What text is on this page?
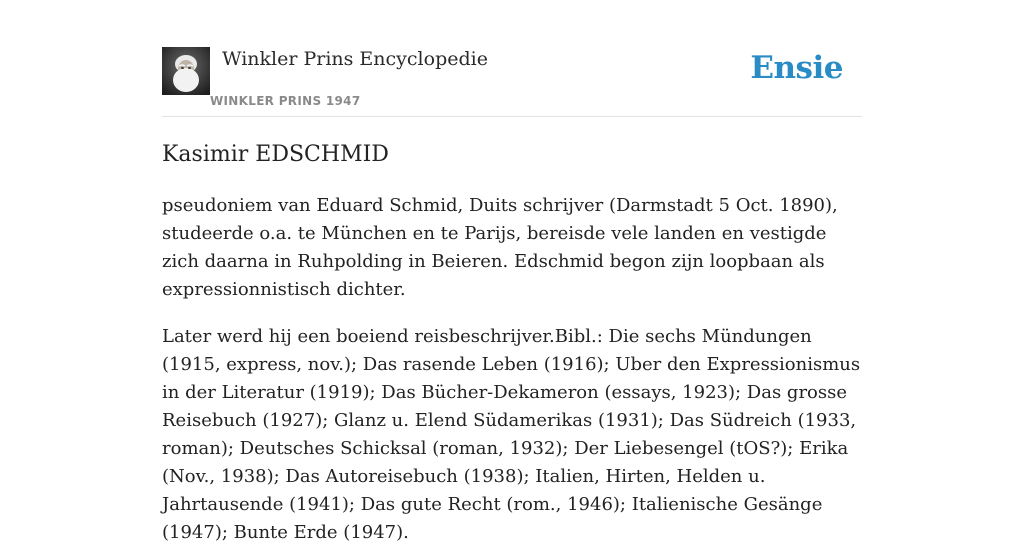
Winkler Prins Encyclopedie
WINKLER PRINS 1947
Ensie
Kasimir EDSCHMID

pseudoniem van Eduard Schmid, Duits schrijver (Darmstadt 5 Oct. 1890), studeerde o.a. te München en te Parijs, bereisde vele landen en vestigde zich daarna in Ruhpolding in Beieren. Edschmid begon zijn loopbaan als expressionnistisch dichter.

Later werd hij een boeiend reisbeschrijver.Bibl.: Die sechs Mündungen (1915, express, nov.); Das rasende Leben (1916); Uber den Expressionismus in der Literatur (1919); Das Bücher-Dekameron (essays, 1923); Das grosse Reisebuch (1927); Glanz u. Elend Südamerikas (1931); Das Südreich (1933, roman); Deutsches Schicksal (roman, 1932); Der Liebesengel (tOS?); Erika (Nov., 1938); Das Autoreisebuch (1938); Italien, Hirten, Helden u. Jahrtausende (1941); Das gute Recht (rom., 1946); Italienische Gesänge (1947); Bunte Erde (1947).
